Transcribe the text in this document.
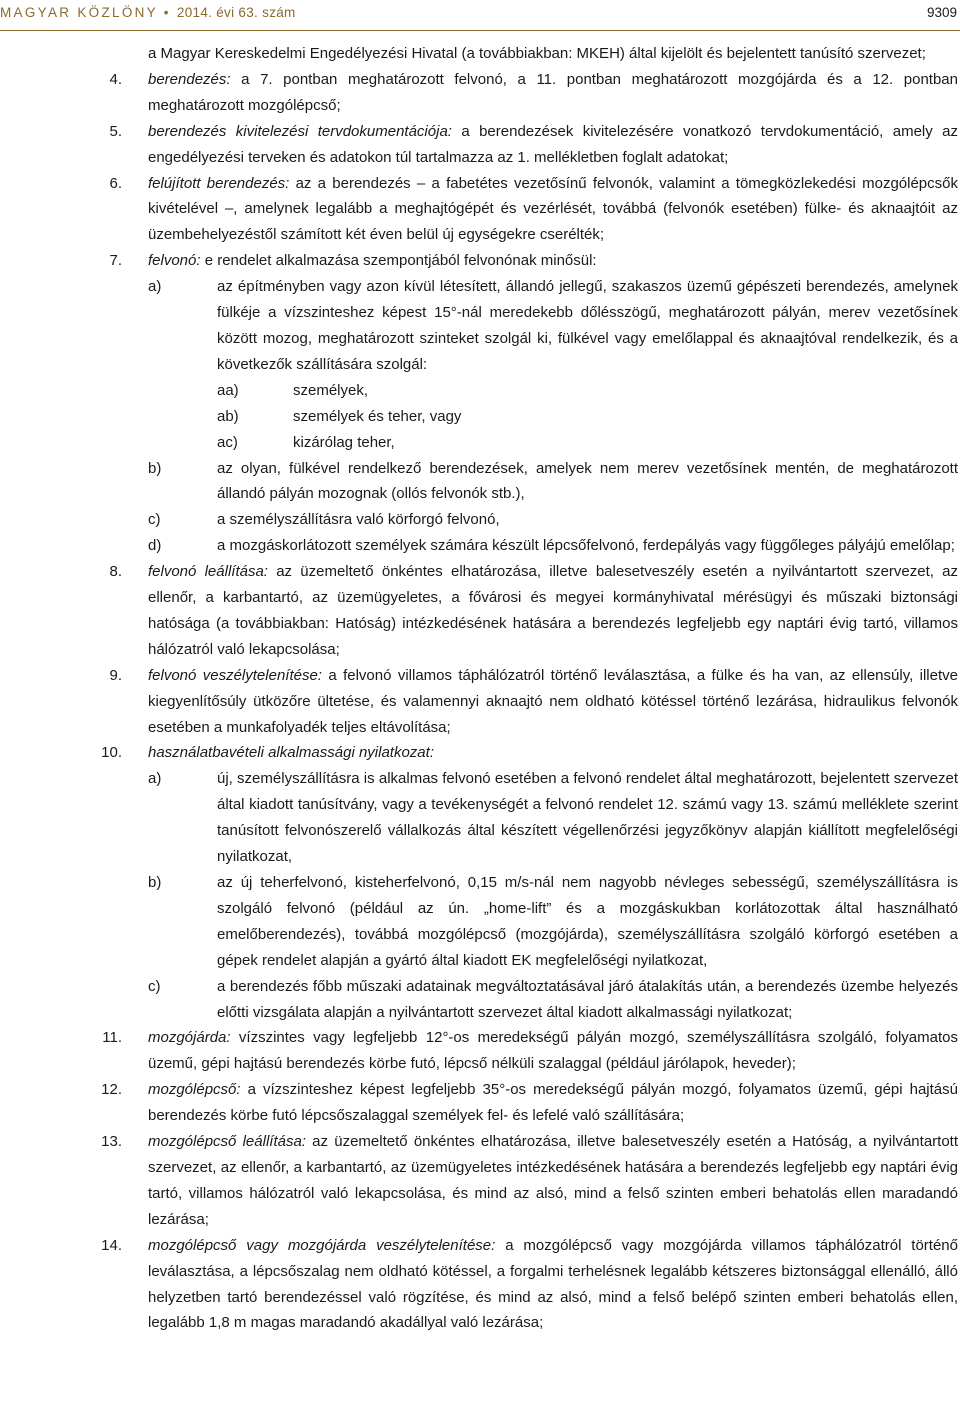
MAGYAR KÖZLÖNY • 2014. évi 63. szám	9309
a Magyar Kereskedelmi Engedélyezési Hivatal (a továbbiakban: MKEH) által kijelölt és bejelentett tanúsító szervezet;
4. berendezés: a 7. pontban meghatározott felvonó, a 11. pontban meghatározott mozgójárda és a 12. pontban meghatározott mozgólépcső;
5. berendezés kivitelezési tervdokumentációja: a berendezések kivitelezésére vonatkozó tervdokumentáció, amely az engedélyezési terveken és adatokon túl tartalmazza az 1. mellékletben foglalt adatokat;
6. felújított berendezés: az a berendezés – a fabetétes vezetősínű felvonók, valamint a tömegközlekedési mozgólépcsők kivételével –, amelynek legalább a meghajtógépét és vezérlését, továbbá (felvonók esetében) fülke- és aknaajtóit az üzembehelyezéstől számított két éven belül új egységekre cserélték;
7. felvonó: e rendelet alkalmazása szempontjából felvonónak minősül:
a)	az építményben vagy azon kívül létesített, állandó jellegű, szakaszos üzemű gépészeti berendezés, amelynek fülkéje a vízszinteshez képest 15°-nál meredekebb dőlésszögű, meghatározott pályán, merev vezetősínek között mozog, meghatározott szinteket szolgál ki, fülkével vagy emelőlappal és aknaajtóval rendelkezik, és a következők szállítására szolgál:
aa)	személyek,
ab)	személyek és teher, vagy
ac)	kizárólag teher,
b)	az olyan, fülkével rendelkező berendezések, amelyek nem merev vezetősínek mentén, de meghatározott állandó pályán mozognak (ollós felvonók stb.),
c)	a személyszállításra való körforgó felvonó,
d)	a mozgáskorlátozott személyek számára készült lépcsőfelvonó, ferdepályás vagy függőleges pályájú emelőlap;
8. felvonó leállítása: az üzemeltető önkéntes elhatározása, illetve balesetveszély esetén a nyilvántartott szervezet, az ellenőr, a karbantartó, az üzemügyeletes, a fővárosi és megyei kormányhivatal mérésügyi és műszaki biztonsági hatósága (a továbbiakban: Hatóság) intézkedésének hatására a berendezés legfeljebb egy naptári évig tartó, villamos hálózatról való lekapcsolása;
9. felvonó veszélytelenítése: a felvonó villamos táphálózatról történő leválasztása, a fülke és ha van, az ellensúly, illetve kiegyenlítősúly ütközőre ültetése, és valamennyi aknaajtó nem oldható kötéssel történő lezárása, hidraulikus felvonók esetében a munkafolyadék teljes eltávolítása;
10. használatbavételi alkalmassági nyilatkozat:
a)	új, személyszállításra is alkalmas felvonó esetében a felvonó rendelet által meghatározott, bejelentett szervezet által kiadott tanúsítvány, vagy a tevékenységét a felvonó rendelet 12. számú vagy 13. számú melléklete szerint tanúsított felvonószerelő vállalkozás által készített végellenőrzési jegyzőkönyv alapján kiállított megfelelőségi nyilatkozat,
b)	az új teherfelvonó, kisteherfelvonó, 0,15 m/s-nál nem nagyobb névleges sebességű, személyszállításra is szolgáló felvonó (például az ún. „home-lift” és a mozgáskukban korlátozottak által használható emelőberendezés), továbbá mozgólépcső (mozgójárda), személyszállításra szolgáló körforgó esetében a gépek rendelet alapján a gyártó által kiadott EK megfelelőségi nyilatkozat,
c)	a berendezés főbb műszaki adatainak megváltoztatásával járó átalakítás után, a berendezés üzembe helyezés előtti vizsgálata alapján a nyilvántartott szervezet által kiadott alkalmassági nyilatkozat;
11. mozgójárda: vízszintes vagy legfeljebb 12°-os meredekségű pályán mozgó, személyszállításra szolgáló, folyamatos üzemű, gépi hajtású berendezés körbe futó, lépcső nélküli szalaggal (például járólapok, heveder);
12. mozgólépcső: a vízszinteshez képest legfeljebb 35°-os meredekségű pályán mozgó, folyamatos üzemű, gépi hajtású berendezés körbe futó lépcsőszalaggal személyek fel- és lefelé való szállítására;
13. mozgólépcső leállítása: az üzemeltető önkéntes elhatározása, illetve balesetveszély esetén a Hatóság, a nyilvántartott szervezet, az ellenőr, a karbantartó, az üzemügyeletes intézkedésének hatására a berendezés legfeljebb egy naptári évig tartó, villamos hálózatról való lekapcsolása, és mind az alsó, mind a felső szinten emberi behatolás ellen maradandó lezárása;
14. mozgólépcső vagy mozgójárda veszélytelenítése: a mozgólépcső vagy mozgójárda villamos táphálózatról történő leválasztása, a lépcsőszalag nem oldható kötéssel, a forgalmi terhelésnek legalább kétszeres biztonsággal ellenálló, álló helyzetben tartó berendezéssel való rögzítése, és mind az alsó, mind a felső belépő szinten emberi behatolás ellen, legalább 1,8 m magas maradandó akadállyal való lezárása;
